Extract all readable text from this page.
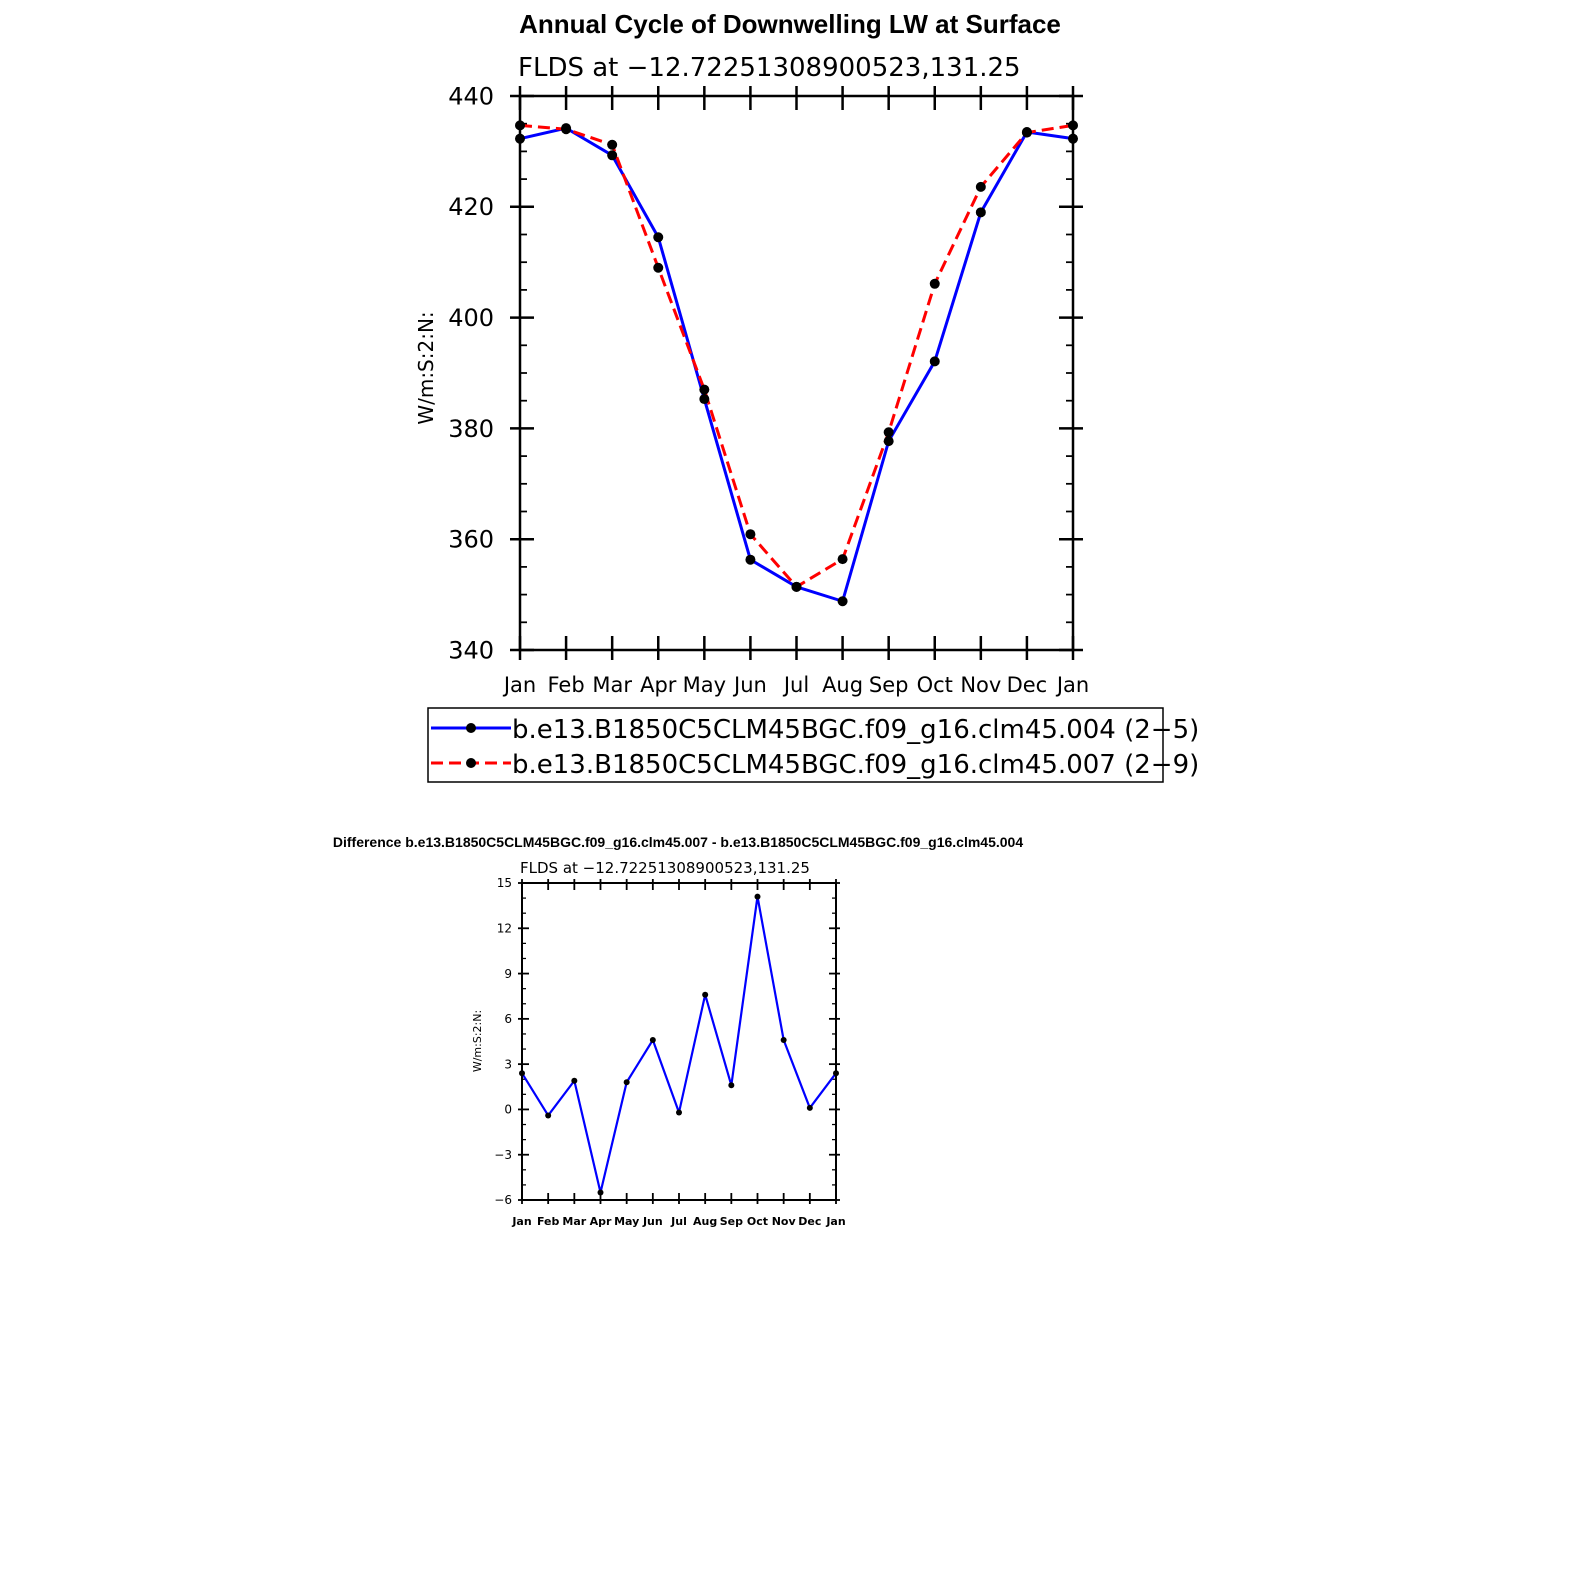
Annual Cycle of Downwelling LW at Surface
FLDS at −12.72251308900523,131.25
W/m:S:2:N:
340
360
380
400
420
440
Jan Feb Mar Apr May Jun Jul Aug Sep Oct Nov Dec Jan
b.e13.B1850C5CLM45BGC.f09_g16.clm45.004 (2−5)
b.e13.B1850C5CLM45BGC.f09_g16.clm45.007 (2−9)
Difference b.e13.B1850C5CLM45BGC.f09_g16.clm45.007 - b.e13.B1850C5CLM45BGC.f09_g16.clm45.004
FLDS at −12.72251308900523,131.25
W/m:S:2:N:
−6
−3
0
3
6
9
12
15
Jan Feb Mar Apr May Jun Jul Aug Sep Oct Nov Dec Jan
